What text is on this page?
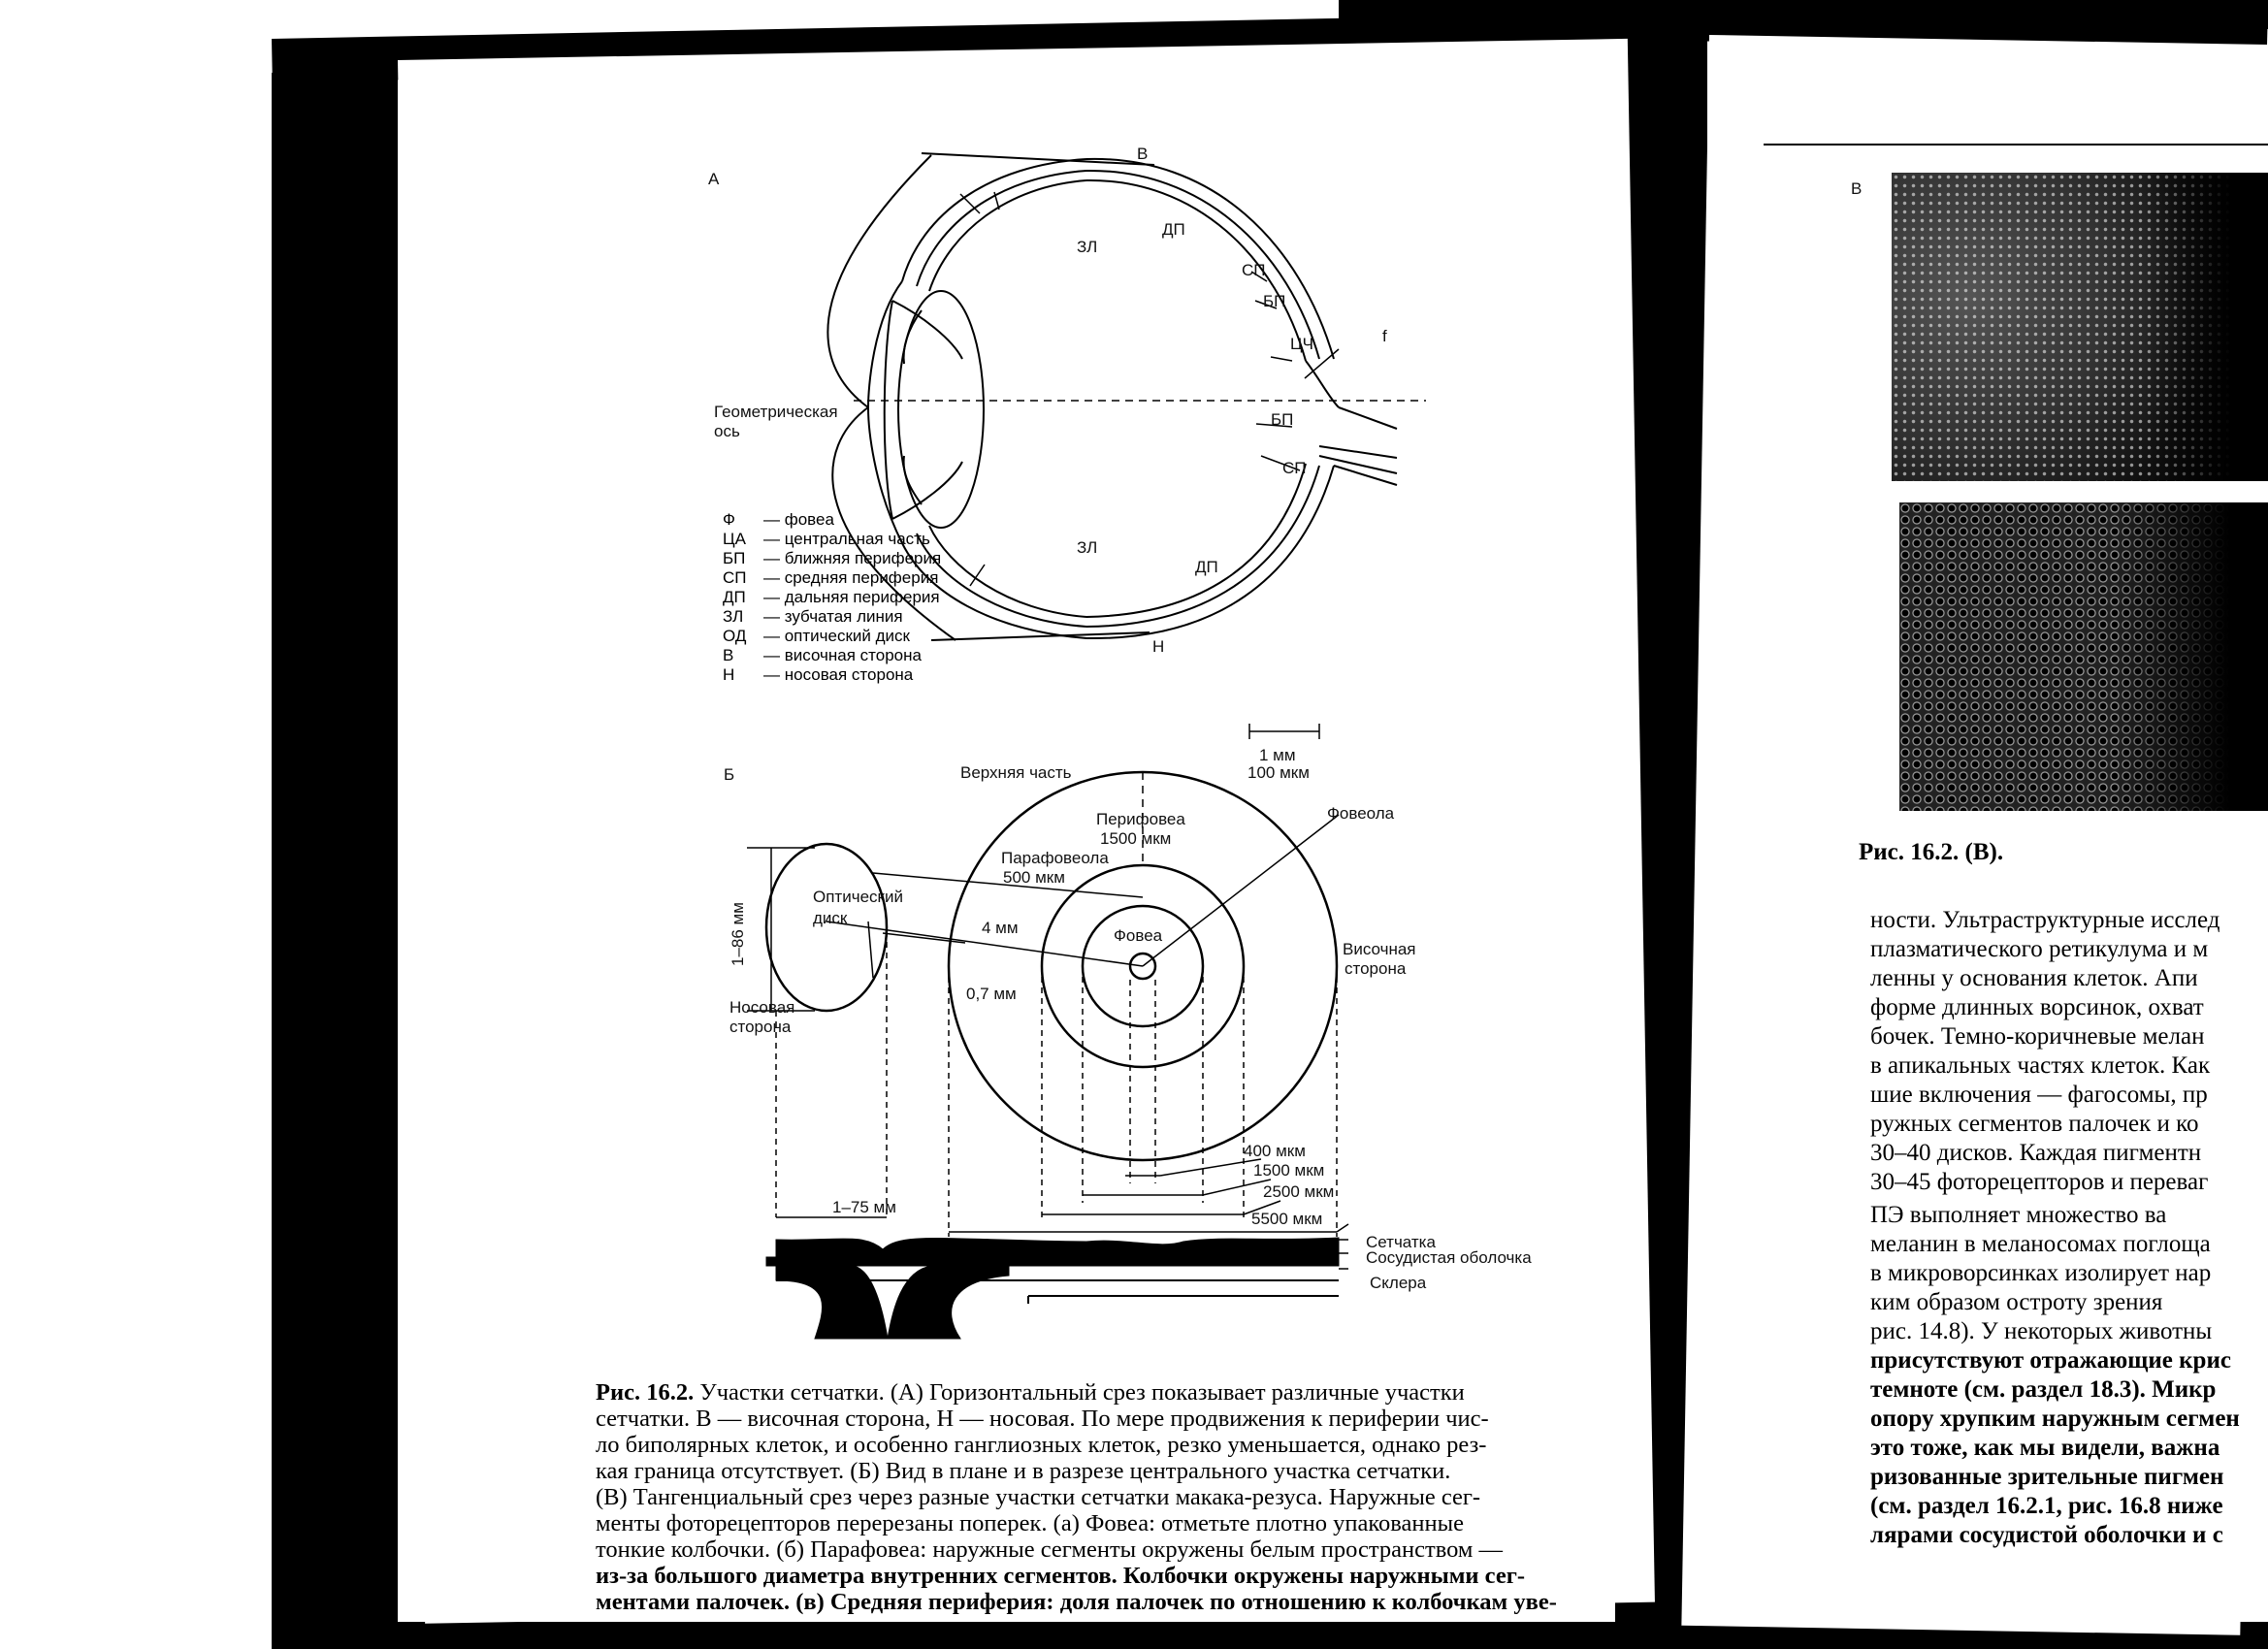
А
В
ЗЛ
ДП
СП
БП
ЦЧ	f
БП
СП
ЗЛ
ДП
Н
Геометрическая
ось
Ф — фовеа
ЦА — центральная часть
БП — ближняя периферия
СП — средняя периферия
ДП — дальняя периферия
ЗЛ — зубчатая линия
ОД — оптический диск
В — височная сторона
Н — носовая сторона
Б	Верхняя часть
1 мм
100 мкм
Перифовеа
1500 мкм
Парафовеола
500 мкм
Фовеола
Оптический
диск
Фовеа
4 мм
0,7 мм
1–86 мм
Носовая
сторона
Височная
сторона
1–75 мм
400 мкм
1500 мкм
2500 мкм
5500 мкм
Сетчатка
Сосудистая оболочка
Склера
Рис. 16.2. Участки сетчатки. (А) Горизонтальный срез показывает различные участки
сетчатки. В — височная сторона, Н — носовая. По мере продвижения к периферии чис-
ло биполярных клеток, и особенно ганглиозных клеток, резко уменьшается, однако рез-
кая граница отсутствует. (Б) Вид в плане и в разрезе центрального участка сетчатки.
(В) Тангенциальный срез через разные участки сетчатки макака-резуса. Наружные сег-
менты фоторецепторов перерезаны поперек. (а) Фовеа: отметьте плотно упакованные
тонкие колбочки. (б) Парафовеа: наружные сегменты окружены белым пространством —
из-за большого диаметра внутренних сегментов. Колбочки окружены наружными сег-
ментами палочек. (в) Средняя периферия: доля палочек по отношению к колбочкам уве-
В
Рис. 16.2. (В).
ности. Ультраструктурные исслед
плазматического ретикулума и м
ленны у основания клеток. Апи
форме длинных ворсинок, охват
бочек. Темно-коричневые мелан
в апикальных частях клеток. Как
шие включения — фагосомы, пр
ружных сегментов палочек и ко
30–40 дисков. Каждая пигментн
30–45 фоторецепторов и переваг
ПЭ выполняет множество ва
меланин в меланосомах поглоща
в микроворсинках изолирует нар
ким образом остроту зрения
рис. 14.8). У некоторых животны
присутствуют отражающие крис
темноте (см. раздел 18.3). Микр
опору хрупким наружным сегмен
это тоже, как мы видели, важна
ризованные зрительные пигмен
(см. раздел 16.2.1, рис. 16.8 ниже
лярами сосудистой оболочки и с
